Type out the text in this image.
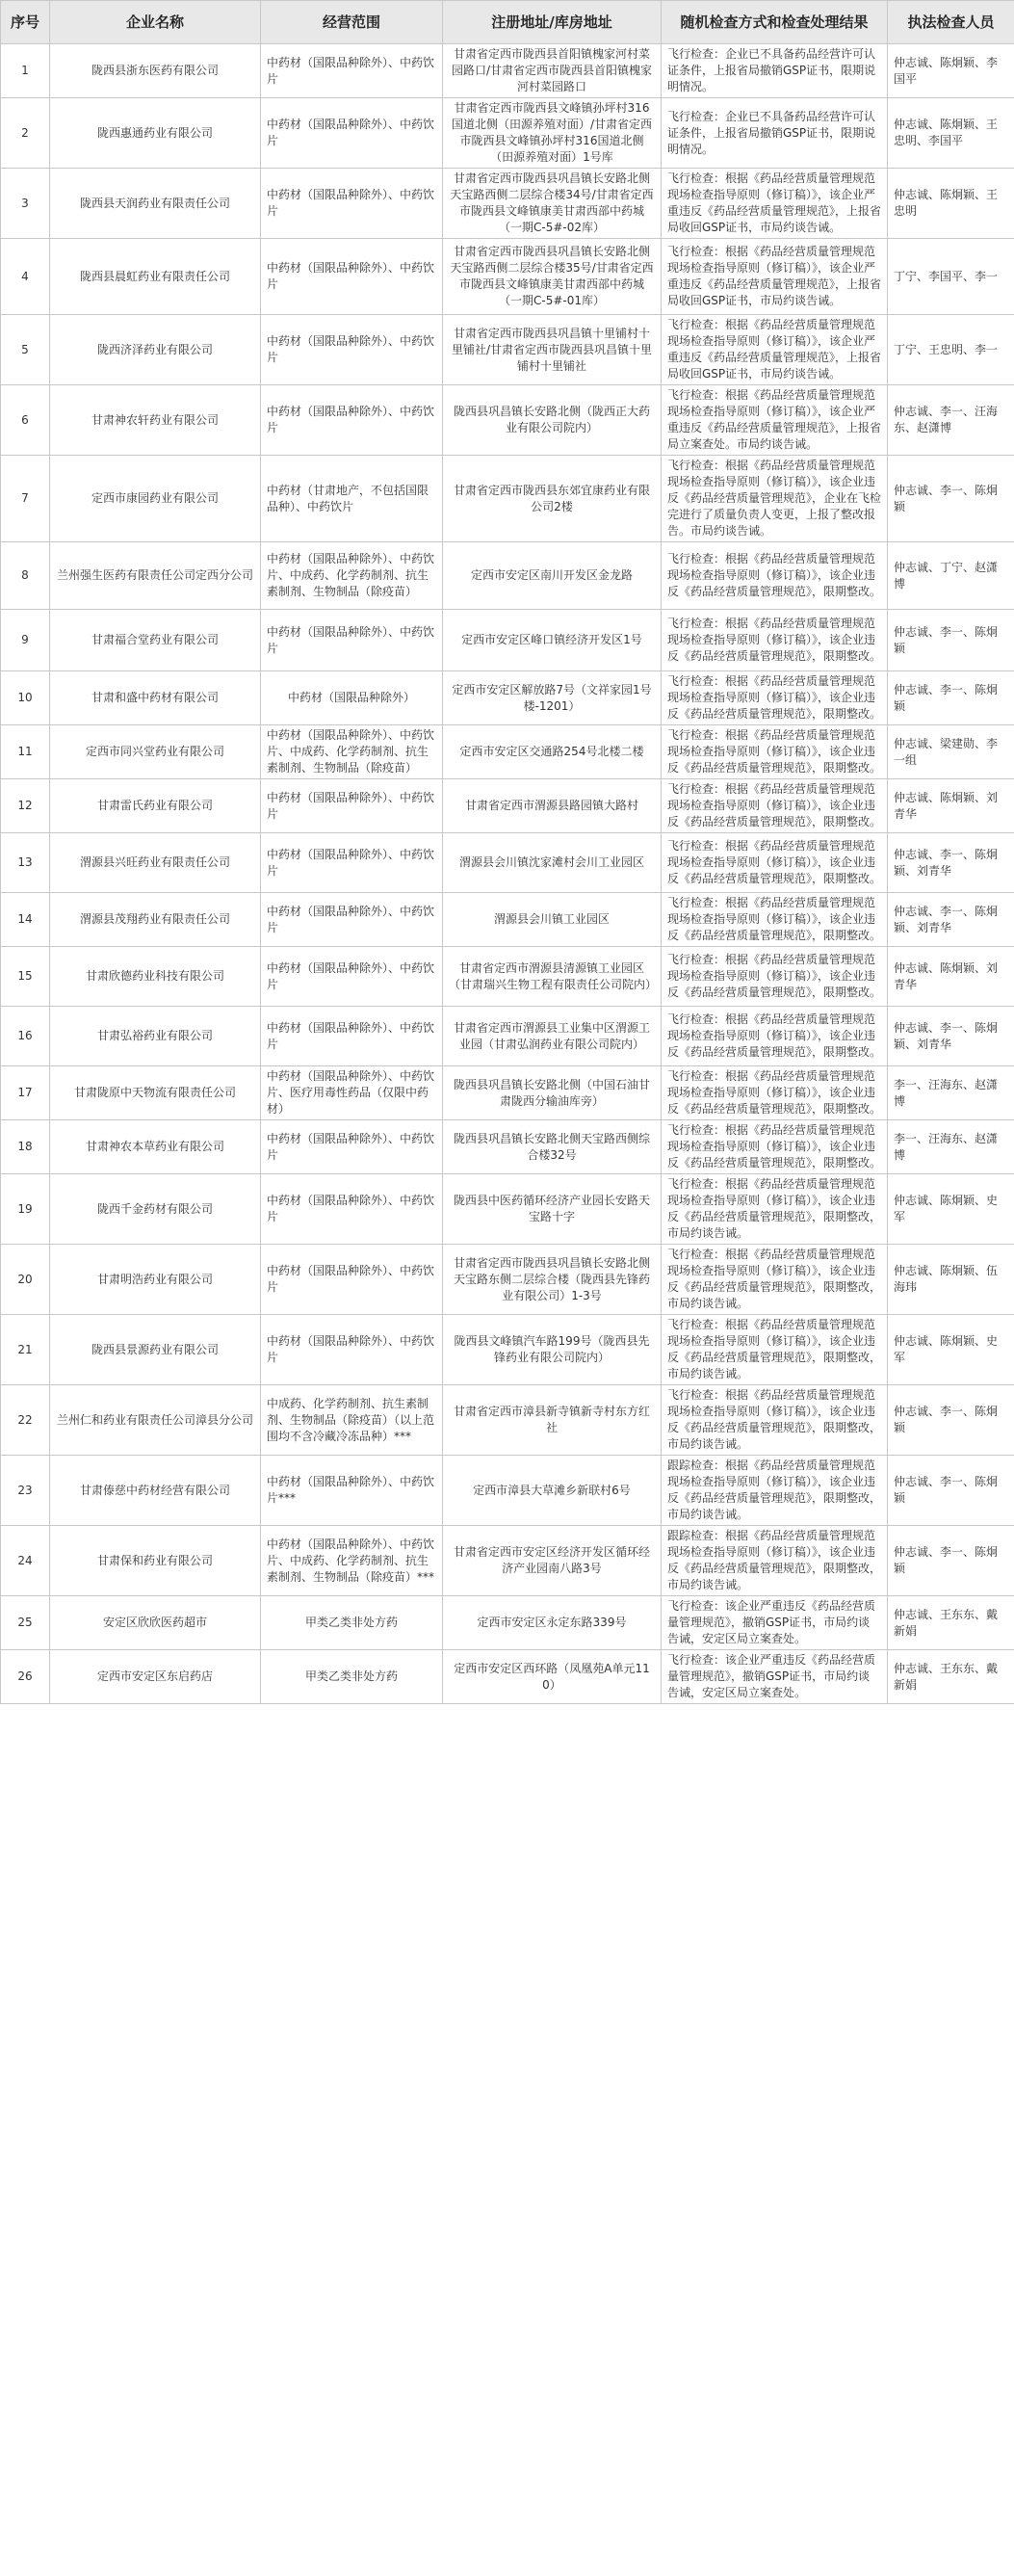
序号	企业名称	经营范围	注册地址/库房地址	随机检查方式和检查处理结果	执法检查人员
1	陇西县浙东医药有限公司	中药材（国限品种除外）、中药饮片	甘肃省定西市陇西县首阳镇槐家河村菜园路口/甘肃省定西市陇西县首阳镇槐家河村菜园路口	飞行检查：企业已不具备药品经营许可认证条件，上报省局撤销GSP证书，限期说明情况。	仲志诚、陈炯颖、李国平
2	陇西惠通药业有限公司	中药材（国限品种除外）、中药饮片	甘肃省定西市陇西县文峰镇孙坪村316国道北侧（田源养殖对面）/甘肃省定西市陇西县文峰镇孙坪村316国道北侧（田源养殖对面）1号库	飞行检查：企业已不具备药品经营许可认证条件，上报省局撤销GSP证书，限期说明情况。	仲志诚、陈炯颖、王忠明、李国平
3	陇西县天润药业有限责任公司	中药材（国限品种除外）、中药饮片	甘肃省定西市陇西县巩昌镇长安路北侧天宝路西侧二层综合楼34号/甘肃省定西市陇西县文峰镇康美甘肃西部中药城（一期C-5#-02库）	飞行检查：根据《药品经营质量管理规范现场检查指导原则（修订稿）》，该企业严重违反《药品经营质量管理规范》，上报省局收回GSP证书，市局约谈告诫。	仲志诚、陈炯颖、王忠明
4	陇西县晨虹药业有限责任公司	中药材（国限品种除外）、中药饮片	甘肃省定西市陇西县巩昌镇长安路北侧天宝路西侧二层综合楼35号/甘肃省定西市陇西县文峰镇康美甘肃西部中药城（一期C-5#-01库）	飞行检查：根据《药品经营质量管理规范现场检查指导原则（修订稿）》，该企业严重违反《药品经营质量管理规范》，上报省局收回GSP证书，市局约谈告诫。	丁宁、李国平、李一
5	陇西济泽药业有限公司	中药材（国限品种除外）、中药饮片	甘肃省定西市陇西县巩昌镇十里铺村十里铺社/甘肃省定西市陇西县巩昌镇十里铺村十里铺社	飞行检查：根据《药品经营质量管理规范现场检查指导原则（修订稿）》，该企业严重违反《药品经营质量管理规范》，上报省局收回GSP证书，市局约谈告诫。	丁宁、王忠明、李一
6	甘肃神农轩药业有限公司	中药材（国限品种除外）、中药饮片	陇西县巩昌镇长安路北侧（陇西正大药业有限公司院内）	飞行检查：根据《药品经营质量管理规范现场检查指导原则（修订稿）》，该企业严重违反《药品经营质量管理规范》，上报省局立案查处。市局约谈告诫。	仲志诚、李一、汪海东、赵潇博
7	定西市康园药业有限公司	中药材（甘肃地产，不包括国限品种）、中药饮片	甘肃省定西市陇西县东郊宜康药业有限公司2楼	飞行检查：根据《药品经营质量管理规范现场检查指导原则（修订稿）》，该企业违反《药品经营质量管理规范》，企业在飞检完进行了质量负责人变更，上报了整改报告。市局约谈告诫。	仲志诚、李一、陈炯颖
8	兰州强生医药有限责任公司定西分公司	中药材（国限品种除外）、中药饮片、中成药、化学药制剂、抗生素制剂、生物制品（除疫苗）	定西市安定区南川开发区金龙路	飞行检查：根据《药品经营质量管理规范现场检查指导原则（修订稿）》，该企业违反《药品经营质量管理规范》，限期整改。	仲志诚、丁宁、赵潇博
9	甘肃福合堂药业有限公司	中药材（国限品种除外）、中药饮片	定西市安定区峰口镇经济开发区1号	飞行检查：根据《药品经营质量管理规范现场检查指导原则（修订稿）》，该企业违反《药品经营质量管理规范》，限期整改。	仲志诚、李一、陈炯颖
10	甘肃和盛中药材有限公司	中药材（国限品种除外）	定西市安定区解放路7号（文祥家园1号楼-1201）	飞行检查：根据《药品经营质量管理规范现场检查指导原则（修订稿）》，该企业违反《药品经营质量管理规范》，限期整改。	仲志诚、李一、陈炯颖
11	定西市同兴堂药业有限公司	中药材（国限品种除外）、中药饮片、中成药、化学药制剂、抗生素制剂、生物制品（除疫苗）	定西市安定区交通路254号北楼二楼	飞行检查：根据《药品经营质量管理规范现场检查指导原则（修订稿）》，该企业违反《药品经营质量管理规范》，限期整改。	仲志诚、梁建勋、李一组
12	甘肃雷氏药业有限公司	中药材（国限品种除外）、中药饮片	甘肃省定西市渭源县路园镇大路村	飞行检查：根据《药品经营质量管理规范现场检查指导原则（修订稿）》，该企业违反《药品经营质量管理规范》，限期整改。	仲志诚、陈炯颖、刘青华
13	渭源县兴旺药业有限责任公司	中药材（国限品种除外）、中药饮片	渭源县会川镇沈家滩村会川工业园区	飞行检查：根据《药品经营质量管理规范现场检查指导原则（修订稿）》，该企业违反《药品经营质量管理规范》，限期整改。	仲志诚、李一、陈炯颖、刘青华
14	渭源县茂翔药业有限责任公司	中药材（国限品种除外）、中药饮片	渭源县会川镇工业园区	飞行检查：根据《药品经营质量管理规范现场检查指导原则（修订稿）》，该企业违反《药品经营质量管理规范》，限期整改。	仲志诚、李一、陈炯颖、刘青华
15	甘肃欣德药业科技有限公司	中药材（国限品种除外）、中药饮片	甘肃省定西市渭源县清源镇工业园区（甘肃瑞兴生物工程有限责任公司院内）	飞行检查：根据《药品经营质量管理规范现场检查指导原则（修订稿）》，该企业违反《药品经营质量管理规范》，限期整改。	仲志诚、陈炯颖、刘青华
16	甘肃弘裕药业有限公司	中药材（国限品种除外）、中药饮片	甘肃省定西市渭源县工业集中区渭源工业园（甘肃弘润药业有限公司院内）	飞行检查：根据《药品经营质量管理规范现场检查指导原则（修订稿）》，该企业违反《药品经营质量管理规范》，限期整改。	仲志诚、李一、陈炯颖、刘青华
17	甘肃陇原中天物流有限责任公司	中药材（国限品种除外）、中药饮片、医疗用毒性药品（仅限中药材）	陇西县巩昌镇长安路北侧（中国石油甘肃陇西分输油库旁）	飞行检查：根据《药品经营质量管理规范现场检查指导原则（修订稿）》，该企业违反《药品经营质量管理规范》，限期整改。	李一、汪海东、赵潇博
18	甘肃神农本草药业有限公司	中药材（国限品种除外）、中药饮片	陇西县巩昌镇长安路北侧天宝路西侧综合楼32号	飞行检查：根据《药品经营质量管理规范现场检查指导原则（修订稿）》，该企业违反《药品经营质量管理规范》，限期整改。	李一、汪海东、赵潇博
19	陇西千金药材有限公司	中药材（国限品种除外）、中药饮片	陇西县中医药循环经济产业园长安路天宝路十字	飞行检查：根据《药品经营质量管理规范现场检查指导原则（修订稿）》，该企业违反《药品经营质量管理规范》，限期整改，市局约谈告诫。	仲志诚、陈炯颖、史军
20	甘肃明浩药业有限公司	中药材（国限品种除外）、中药饮片	甘肃省定西市陇西县巩昌镇长安路北侧天宝路东侧二层综合楼（陇西县先锋药业有限公司）1-3号	飞行检查：根据《药品经营质量管理规范现场检查指导原则（修订稿）》，该企业违反《药品经营质量管理规范》，限期整改，市局约谈告诫。	仲志诚、陈炯颖、伍海玮
21	陇西县景源药业有限公司	中药材（国限品种除外）、中药饮片	陇西县文峰镇汽车路199号（陇西县先锋药业有限公司院内）	飞行检查：根据《药品经营质量管理规范现场检查指导原则（修订稿）》，该企业违反《药品经营质量管理规范》，限期整改，市局约谈告诫。	仲志诚、陈炯颖、史军
22	兰州仁和药业有限责任公司漳县分公司	中成药、化学药制剂、抗生素制剂、生物制品（除疫苗）（以上范围均不含冷藏冷冻品种）***	甘肃省定西市漳县新寺镇新寺村东方红社	飞行检查：根据《药品经营质量管理规范现场检查指导原则（修订稿）》，该企业违反《药品经营质量管理规范》，限期整改，市局约谈告诫。	仲志诚、李一、陈炯颖
23	甘肃傣慈中药材经营有限公司	中药材（国限品种除外）、中药饮片***	定西市漳县大草滩乡新联村6号	跟踪检查：根据《药品经营质量管理规范现场检查指导原则（修订稿）》，该企业违反《药品经营质量管理规范》，限期整改，市局约谈告诫。	仲志诚、李一、陈炯颖
24	甘肃保和药业有限公司	中药材（国限品种除外）、中药饮片、中成药、化学药制剂、抗生素制剂、生物制品（除疫苗）***	甘肃省定西市安定区经济开发区循环经济产业园南八路3号	跟踪检查：根据《药品经营质量管理规范现场检查指导原则（修订稿）》，该企业违反《药品经营质量管理规范》，限期整改，市局约谈告诫。	仲志诚、李一、陈炯颖
25	安定区欣欣医药超市	甲类乙类非处方药	定西市安定区永定东路339号	飞行检查：该企业严重违反《药品经营质量管理规范》，撤销GSP证书，市局约谈告诫，安定区局立案查处。	仲志诚、王东东、戴新娟
26	定西市安定区东启药店	甲类乙类非处方药	定西市安定区西环路（凤凰苑A单元110）	飞行检查：该企业严重违反《药品经营质量管理规范》，撤销GSP证书，市局约谈告诫，安定区局立案查处。	仲志诚、王东东、戴新娟
